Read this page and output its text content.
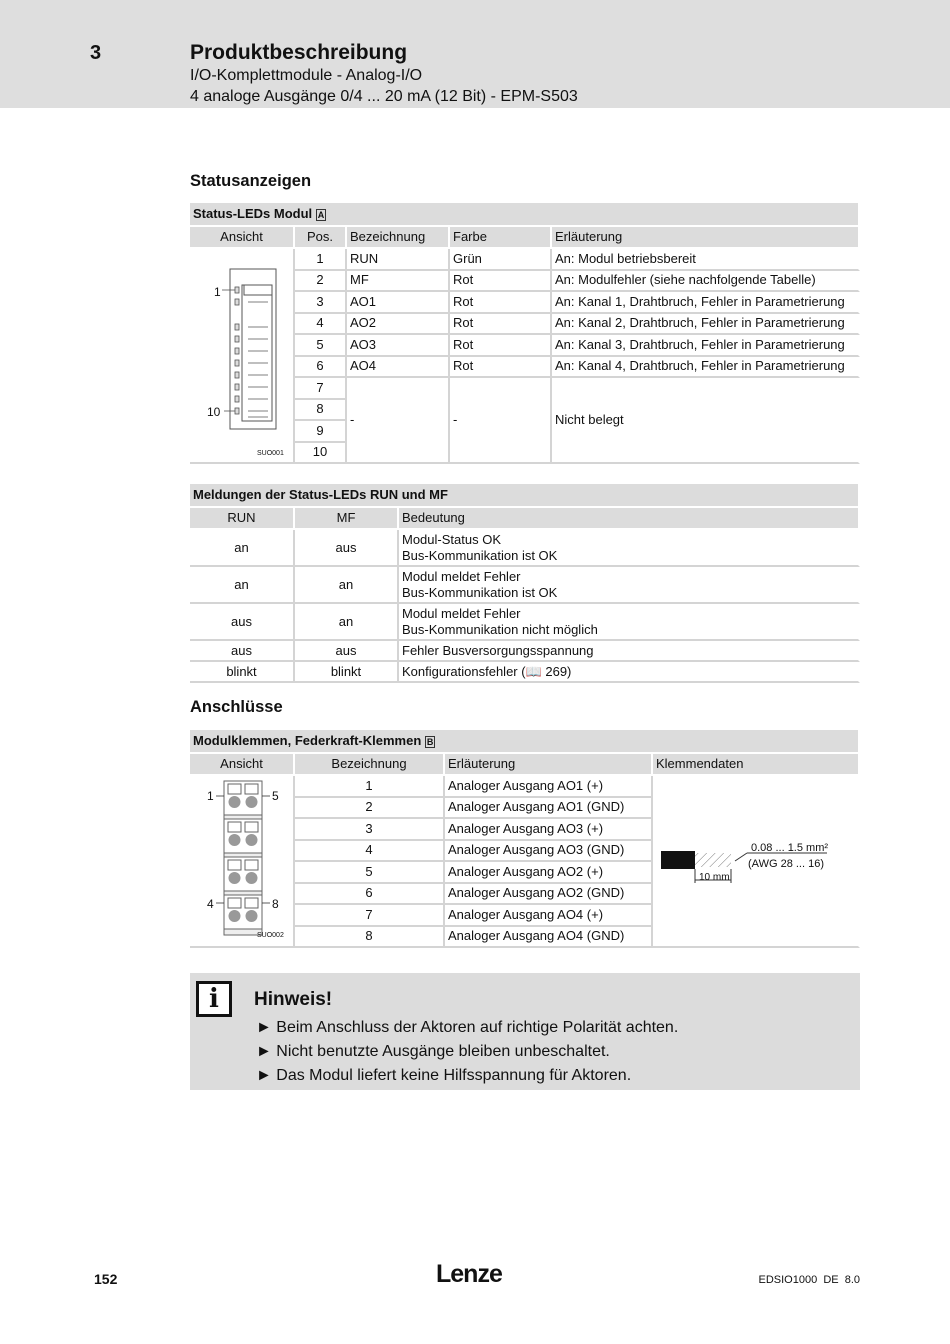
3	Produktbeschreibung
I/O-Komplettmodule - Analog-I/O
4 analoge Ausgänge 0/4 ... 20 mA (12 Bit) - EPM-S503
Statusanzeigen
Status-LEDs Modul A				
Ansicht	Pos.	Bezeichnung	Farbe	Erläuterung

1
10
SUO001	1	RUN	Grün	An: Modul betriebsbereit
	2	MF	Rot	An: Modulfehler (siehe nachfolgende Tabelle)
	3	AO1	Rot	An: Kanal 1, Drahtbruch, Fehler in Parametrierung
	4	AO2	Rot	An: Kanal 2, Drahtbruch, Fehler in Parametrierung
	5	AO3	Rot	An: Kanal 3, Drahtbruch, Fehler in Parametrierung
	6	AO4	Rot	An: Kanal 4, Drahtbruch, Fehler in Parametrierung
	7	-	-	Nicht belegt
	8			
	9			
	10			
Meldungen der Status-LEDs RUN und MF		
RUN	MF	Bedeutung
an	aus	Modul-Status OK
Bus-Kommunikation ist OK

an	an	Modul meldet Fehler
Bus-Kommunikation ist OK

aus	an	Modul meldet Fehler
Bus-Kommunikation nicht möglich

aus	aus	Fehler Busversorgungsspannung
blinkt	blinkt	Konfigurationsfehler (📖 269)
Anschlüsse
Modulklemmen, Federkraft-Klemmen B			
Ansicht	Bezeichnung	Erläuterung	Klemmendaten

1 5
4 8
SUO002	1	Analoger Ausgang AO1 (+)	0.08 ... 1.5 mm²
(AWG 28 ... 16)
10 mm

	2	Analoger Ausgang AO1 (GND)	
	3	Analoger Ausgang AO3 (+)	
	4	Analoger Ausgang AO3 (GND)	
	5	Analoger Ausgang AO2 (+)	
	6	Analoger Ausgang AO2 (GND)	
	7	Analoger Ausgang AO4 (+)	
	8	Analoger Ausgang AO4 (GND)	
i	Hinweis!
► Beim Anschluss der Aktoren auf richtige Polarität achten.
► Nicht benutzte Ausgänge bleiben unbeschaltet.
► Das Modul liefert keine Hilfsspannung für Aktoren.
152	Lenze	EDSIO1000  DE  8.0
